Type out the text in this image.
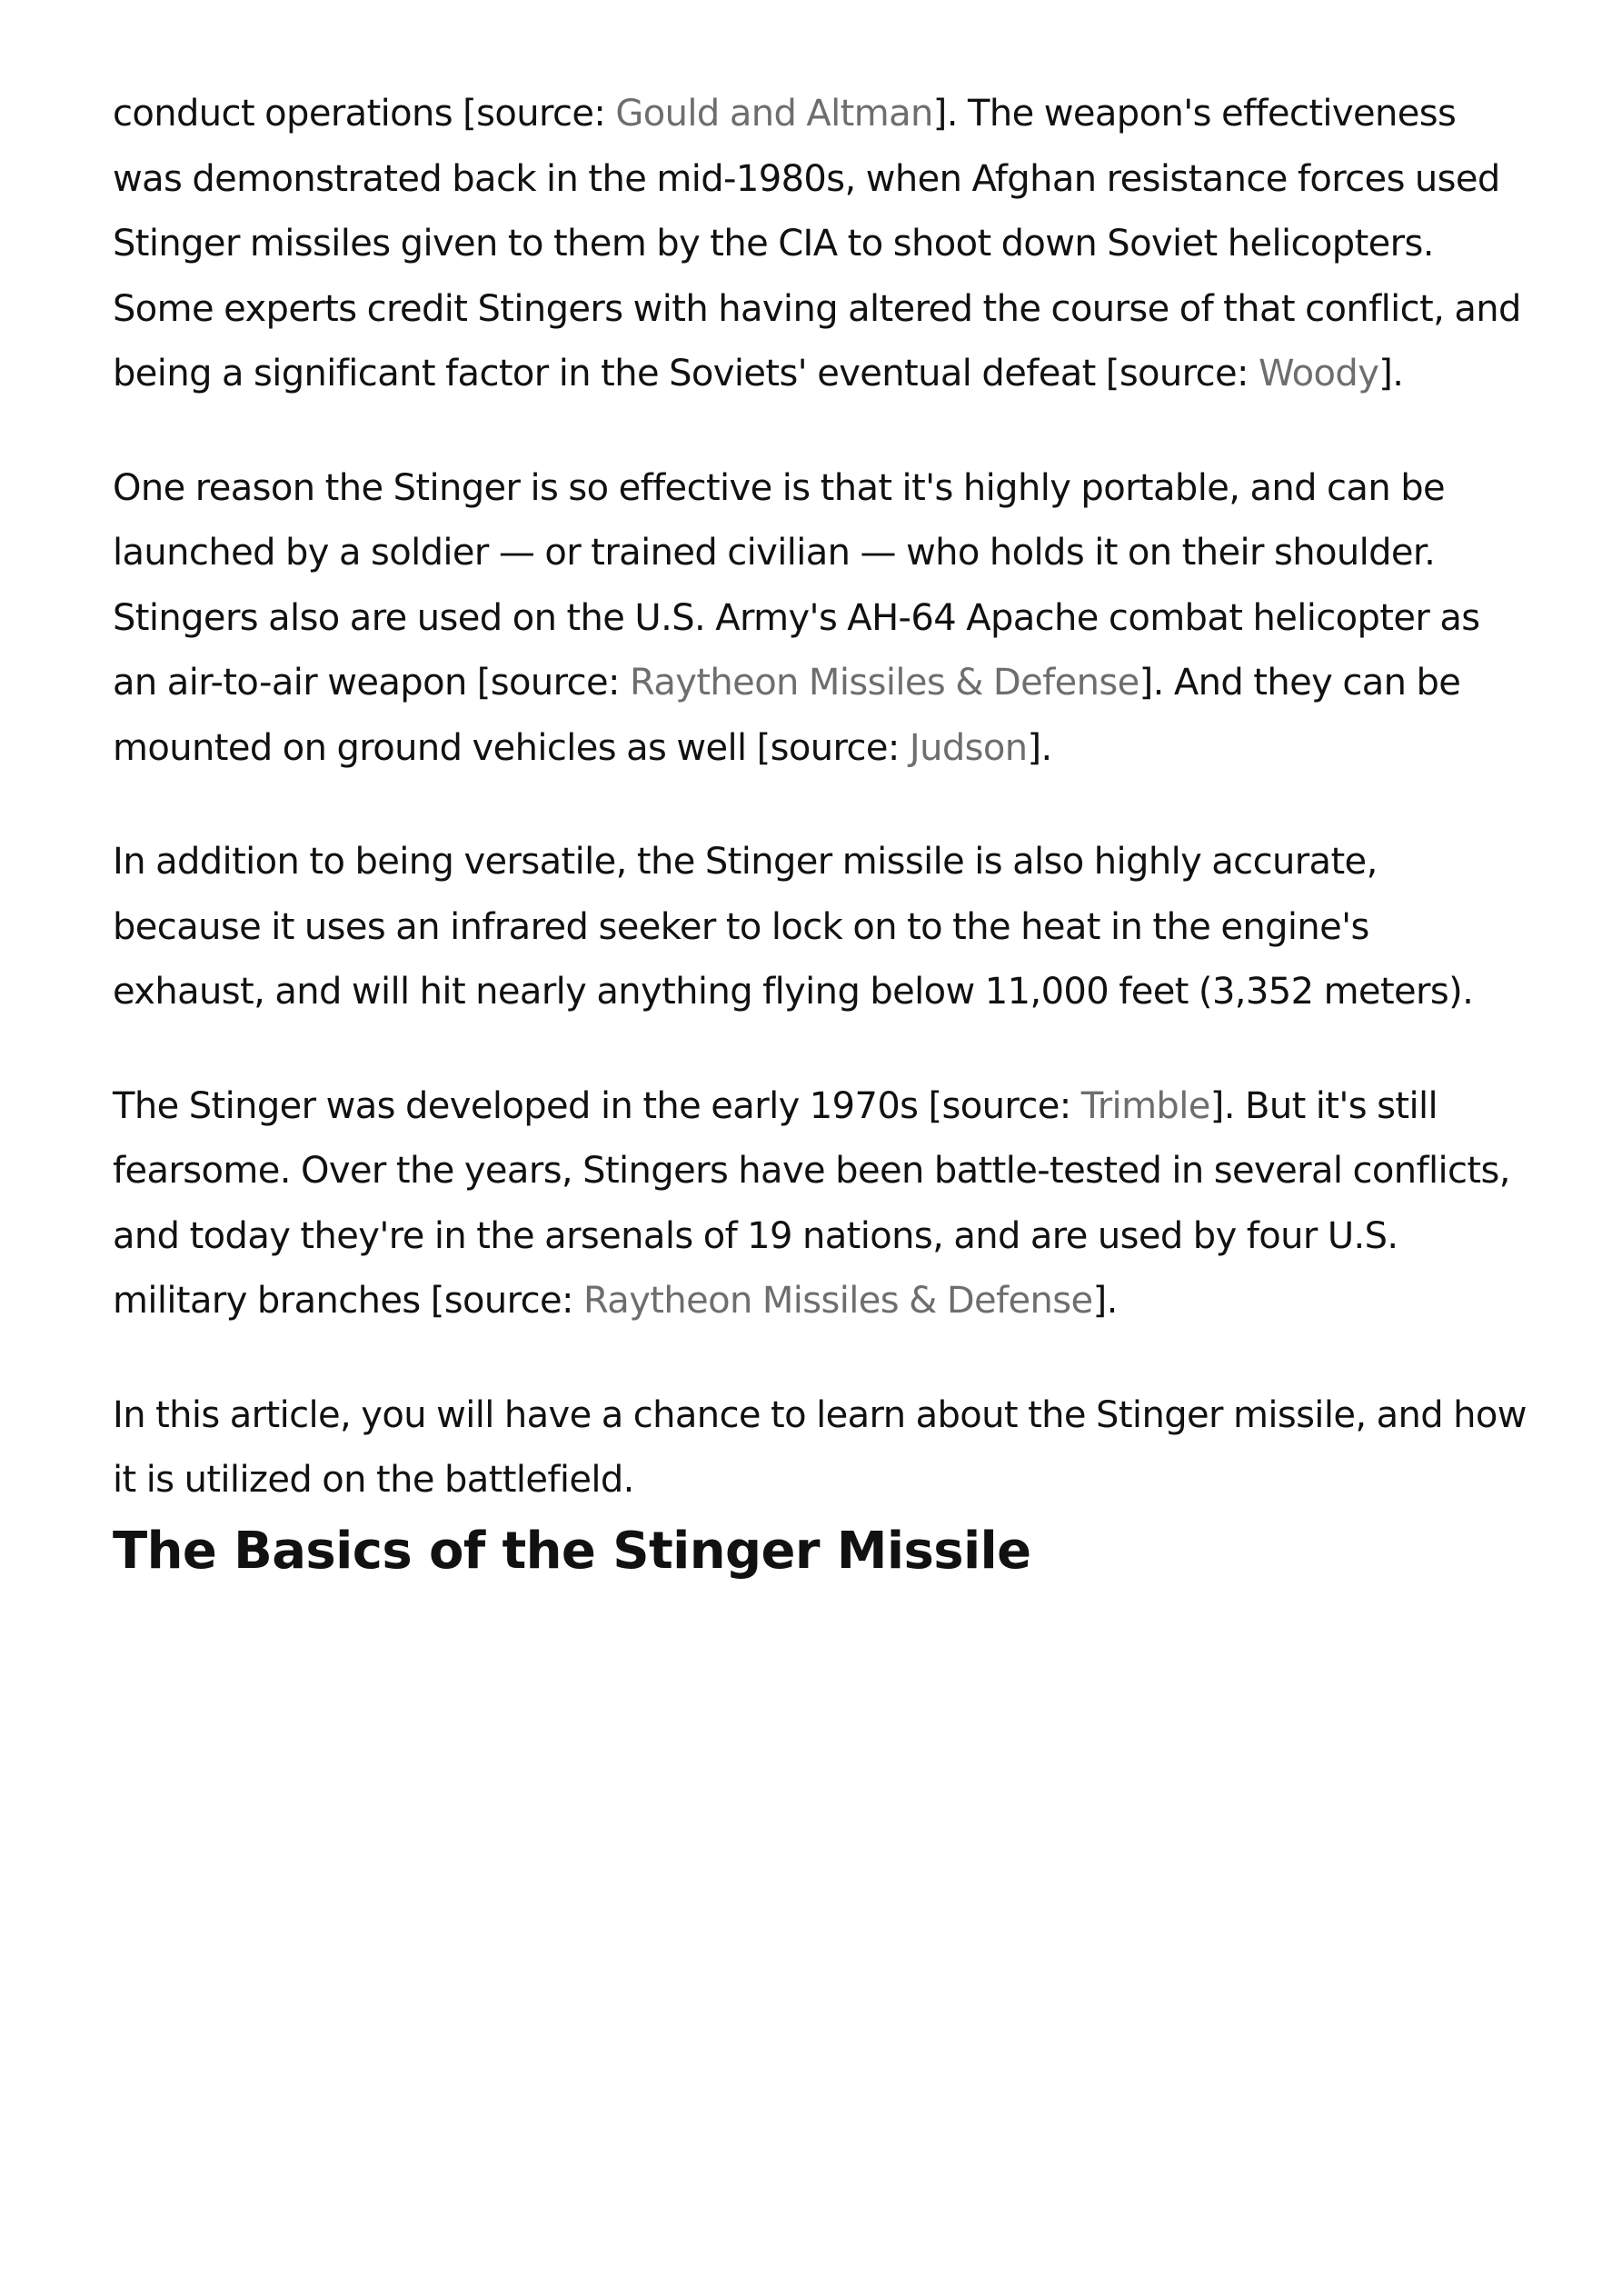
conduct operations [source: Gould and Altman]. The weapon's effectiveness was demonstrated back in the mid-1980s, when Afghan resistance forces used Stinger missiles given to them by the CIA to shoot down Soviet helicopters. Some experts credit Stingers with having altered the course of that conflict, and being a significant factor in the Soviets' eventual defeat [source: Woody].

One reason the Stinger is so effective is that it's highly portable, and can be launched by a soldier — or trained civilian — who holds it on their shoulder. Stingers also are used on the U.S. Army's AH-64 Apache combat helicopter as an air-to-air weapon [source: Raytheon Missiles & Defense]. And they can be mounted on ground vehicles as well [source: Judson].

In addition to being versatile, the Stinger missile is also highly accurate, because it uses an infrared seeker to lock on to the heat in the engine's exhaust, and will hit nearly anything flying below 11,000 feet (3,352 meters).

The Stinger was developed in the early 1970s [source: Trimble]. But it's still fearsome. Over the years, Stingers have been battle-tested in several conflicts, and today they're in the arsenals of 19 nations, and are used by four U.S. military branches [source: Raytheon Missiles & Defense].

In this article, you will have a chance to learn about the Stinger missile, and how it is utilized on the battlefield.

The Basics of the Stinger Missile
